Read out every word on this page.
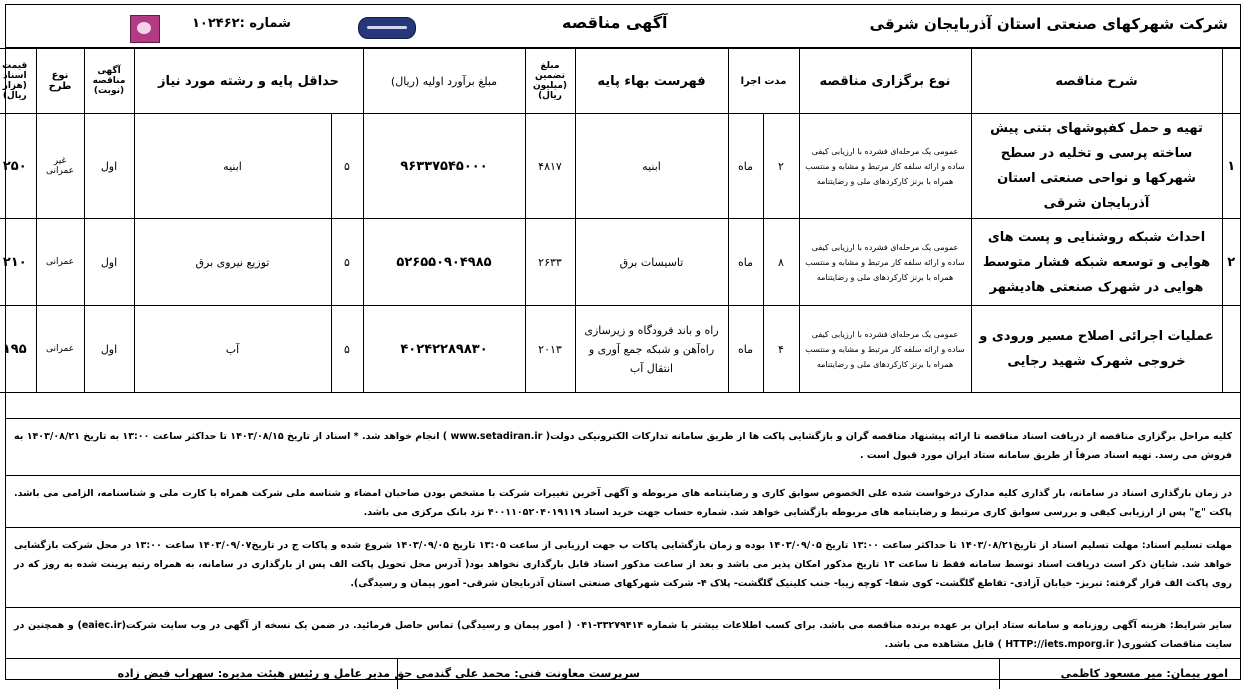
شرکت شهرکهای صنعتی استان آذربایجان شرقی
آگهی مناقصه
شماره :۱۰۲۴۶۲
	شرح مناقصه	نوع برگزاری مناقصه	مدت اجرا		فهرست بهاء پایه	مبلغ تضمین (میلیون ریال)	مبلغ برآورد اولیه (ریال)	حداقل پایه و رشته مورد نیاز		آگهی مناقصه (نوبت)	نوع طرح	قیمت اسناد (هزار ریال)
۱	تهیه و حمل کفپوشهای بتنی پیش ساخته پرسی و تخلیه در سطح شهرکها و نواحی صنعتی استان آذربایجان شرقی	عمومی یک مرحله‌ای فشرده با ارزیابی کیفی ساده و ارائه سلفه کار مرتبط و مشابه و منتسب همراه با برنز کارکردهای ملی و رضایتنامه	۲	ماه	ابنیه	۴۸۱۷	۹۶۳۳۷۵۴۵۰۰۰	۵	ابنیه	اول	غیر عمرانی	۲۵۰
۲	احداث شبکه روشنایی و پست های هوایی و توسعه شبکه فشار متوسط هوایی در شهرک صنعتی هادیشهر	عمومی یک مرحله‌ای فشرده با ارزیابی کیفی ساده و ارائه سلفه کار مرتبط و مشابه و منتسب همراه با برنز کارکردهای ملی و رضایتنامه	۸	ماه	تاسیسات برق	۲۶۳۳	۵۲۶۵۵۰۹۰۴۹۸۵	۵	توزیع نیروی برق	اول	عمرانی	۲۱۰
	عملیات اجرائی اصلاح مسیر ورودی و خروجی شهرک شهید رجایی	عمومی یک مرحله‌ای فشرده با ارزیابی کیفی ساده و ارائه سلفه کار مرتبط و مشابه و منتسب همراه با برنز کارکردهای ملی و رضایتنامه	۴	ماه	راه و باند فرودگاه و زیرسازی راه‌آهن و شبکه جمع آوری و انتقال آب	۲۰۱۳	۴۰۲۴۲۲۸۹۸۳۰	۵	آب	اول	عمرانی	۱۹۵
کلیه مراحل برگزاری مناقصه از دریافت اسناد مناقصه تا ارائه پیشنهاد مناقصه گران و بازگشایی پاکت ها از طریق سامانه تدارکات الکترونیکی دولت( www.setadiran.ir ) انجام خواهد شد. * اسناد از تاریخ ۱۴۰۳/۰۸/۱۵ تا حداکثر ساعت ۱۳:۰۰ به تاریخ ۱۴۰۳/۰۸/۲۱ به فروش می رسد. تهیه اسناد صرفاً از طریق سامانه ستاد ایران مورد قبول است .
در زمان بارگذاری اسناد در سامانه، بار گذاری کلیه مدارک درخواست شده علی الخصوص سوابق کاری و رضایتنامه های مربوطه و آگهی آخرین تغییرات شرکت با مشخص بودن صاحبان امضاء و شناسه ملی شرکت همراه با کارت ملی و شناسنامه، الزامی می باشد. پاکت "ج" پس از ارزیابی کیفی و بررسی سوابق کاری مرتبط و رضایتنامه های مربوطه بازگشایی خواهد شد. شماره حساب جهت خرید اسناد ۴۰۰۱۱۰۵۲۰۴۰۱۹۱۱۹ نزد بانک مرکزی می باشد.
مهلت تسلیم اسناد: مهلت تسلیم اسناد از تاریخ۱۴۰۳/۰۸/۲۱ تا حداکثر ساعت ۱۳:۰۰ تاریخ ۱۴۰۳/۰۹/۰۵ بوده و زمان بازگشایی پاکات ب جهت ارزیابی از ساعت ۱۳:۰۵ تاریخ ۱۴۰۳/۰۹/۰۵ شروع شده و پاکات ج در تاریخ۱۴۰۳/۰۹/۰۷ ساعت ۱۳:۰۰ در محل شرکت بازگشایی خواهد شد. شایان ذکر است دریافت اسناد توسط سامانه فقط تا ساعت ۱۳ تاریخ مذکور امکان پذیر می باشد و بعد از ساعت مذکور اسناد قابل بارگذاری نخواهد بود( آدرس محل تحویل پاکت الف پس از بارگذاری در سامانه، به همراه رتبه پرینت شده به روز که در روی پاکت الف قرار گرفته: تبریز- خیابان آزادی- تقاطع گلگشت- کوی شفا- کوچه زیبا- جنب کلینیک گلگشت- پلاک ۴- شرکت شهرکهای صنعتی استان آذربایجان شرقی- امور پیمان و رسیدگی).
سایر شرایط: هزینه آگهی روزنامه و سامانه ستاد ایران بر عهده برنده مناقصه می باشد. برای کسب اطلاعات بیشتر با شماره ۳۳۲۷۹۴۱۴-۰۴۱ ( امور پیمان و رسیدگی) تماس حاصل فرمائید. در ضمن یک نسخه از آگهی در وب سایت شرکت(eaiec.ir) و همچنین در سایت مناقصات کشوری( HTTP://iets.mporg.ir ) قابل مشاهده می باشد.
امور پیمان: میر مسعود کاظمی
سرپرست معاونت فنی: محمد علی گندمی حق
مدیر عامل و رئیس هیئت مدیره: سهراب فیض زاده
